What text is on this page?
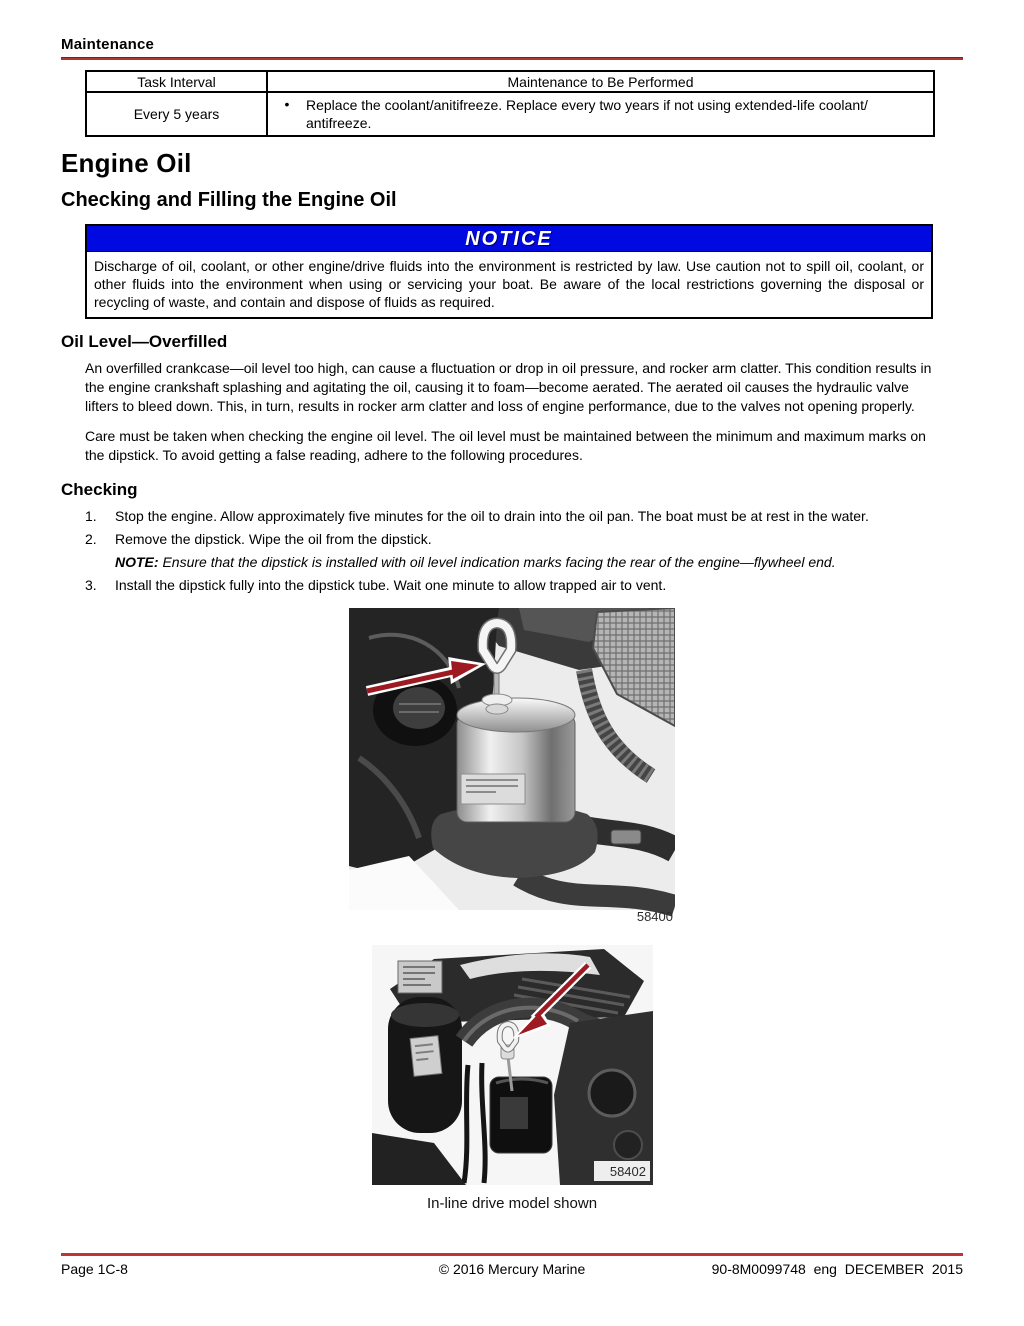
Maintenance
Task Interval	Maintenance to Be Performed
Every 5 years	• Replace the coolant/anitifreeze. Replace every two years if not using extended-life coolant/ antifreeze.
Engine Oil
Checking and Filling the Engine Oil
NOTICE
Discharge of oil, coolant, or other engine/drive fluids into the environment is restricted by law. Use caution not to spill oil, coolant, or other fluids into the environment when using or servicing your boat. Be aware of the local restrictions governing the disposal or recycling of waste, and contain and dispose of fluids as required.
Oil Level—Overfilled

An overfilled crankcase—oil level too high, can cause a fluctuation or drop in oil pressure, and rocker arm clatter. This condition results in the engine crankshaft splashing and agitating the oil, causing it to foam—become aerated. The aerated oil causes the hydraulic valve lifters to bleed down. This, in turn, results in rocker arm clatter and loss of engine performance, due to the valves not opening properly.

Care must be taken when checking the engine oil level. The oil level must be maintained between the minimum and maximum marks on the dipstick. To avoid getting a false reading, adhere to the following procedures.

Checking
1.	Stop the engine. Allow approximately five minutes for the oil to drain into the oil pan. The boat must be at rest in the water.
2.	Remove the dipstick. Wipe the oil from the dipstick.
NOTE: Ensure that the dipstick is installed with oil level indication marks facing the rear of the engine—flywheel end.
3.	Install the dipstick fully into the dipstick tube. Wait one minute to allow trapped air to vent.
58400
58402
In-line drive model shown
Page 1C-8	© 2016 Mercury Marine	90-8M0099748  eng  DECEMBER  2015
